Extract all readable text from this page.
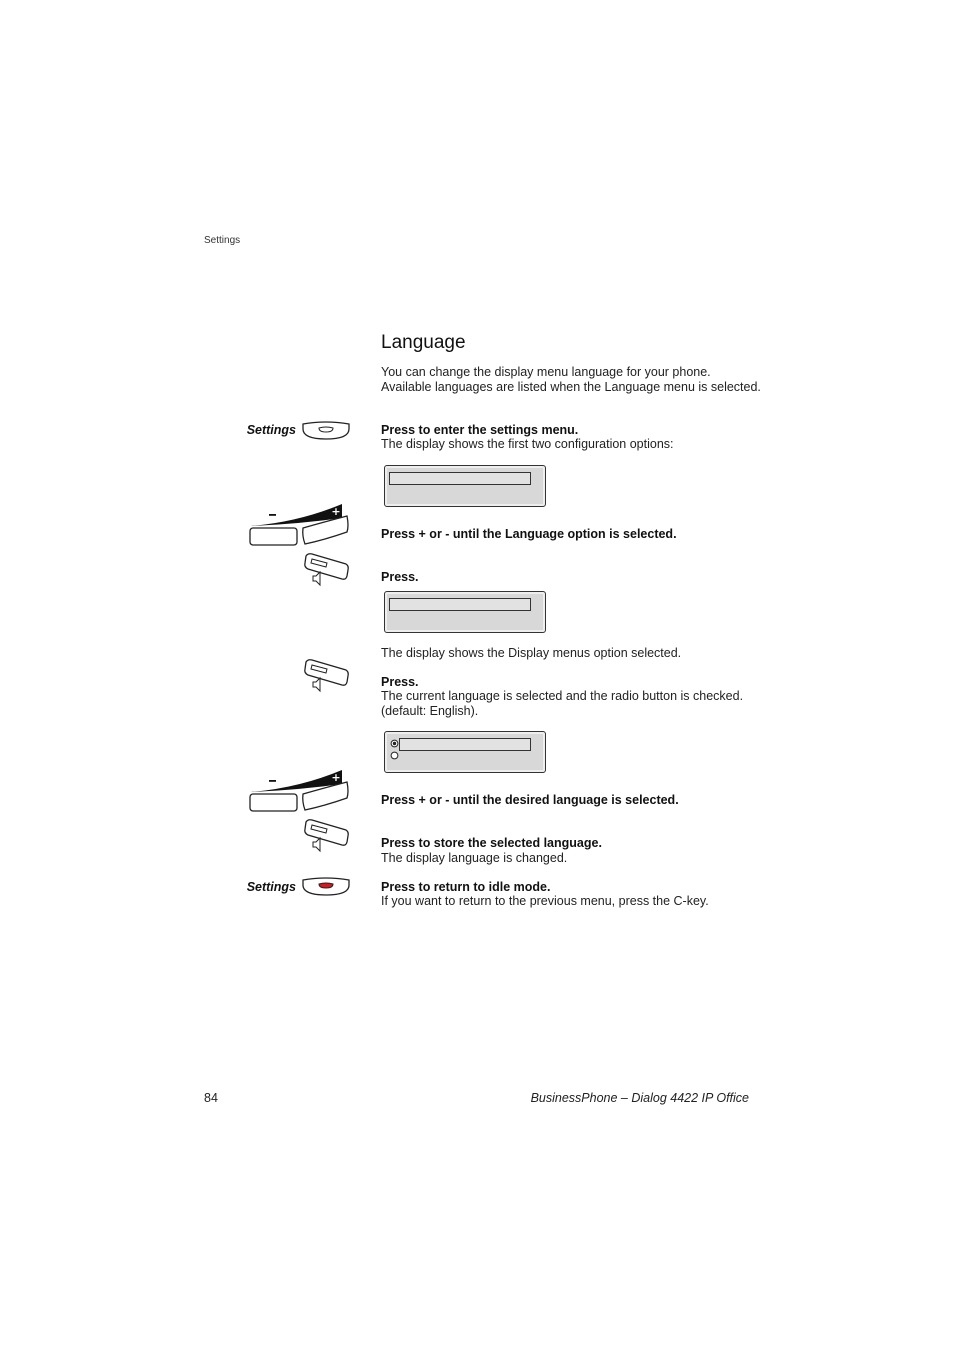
Settings
Language
You can change the display menu language for your phone. Available languages are listed when the Language menu is selected.
Settings	Press to enter the settings menu.
The display shows the first two configuration options:
+
Press + or - until the Language option is selected.
Press.
The display shows the Display menus option selected.
Press.
The current language is selected and the radio button is checked. (default: English).
+
Press + or - until the desired language is selected.
Press to store the selected language.
The display language is changed.
Settings	Press to return to idle mode.
If you want to return to the previous menu, press the C-key.
84	BusinessPhone – Dialog 4422 IP Office
